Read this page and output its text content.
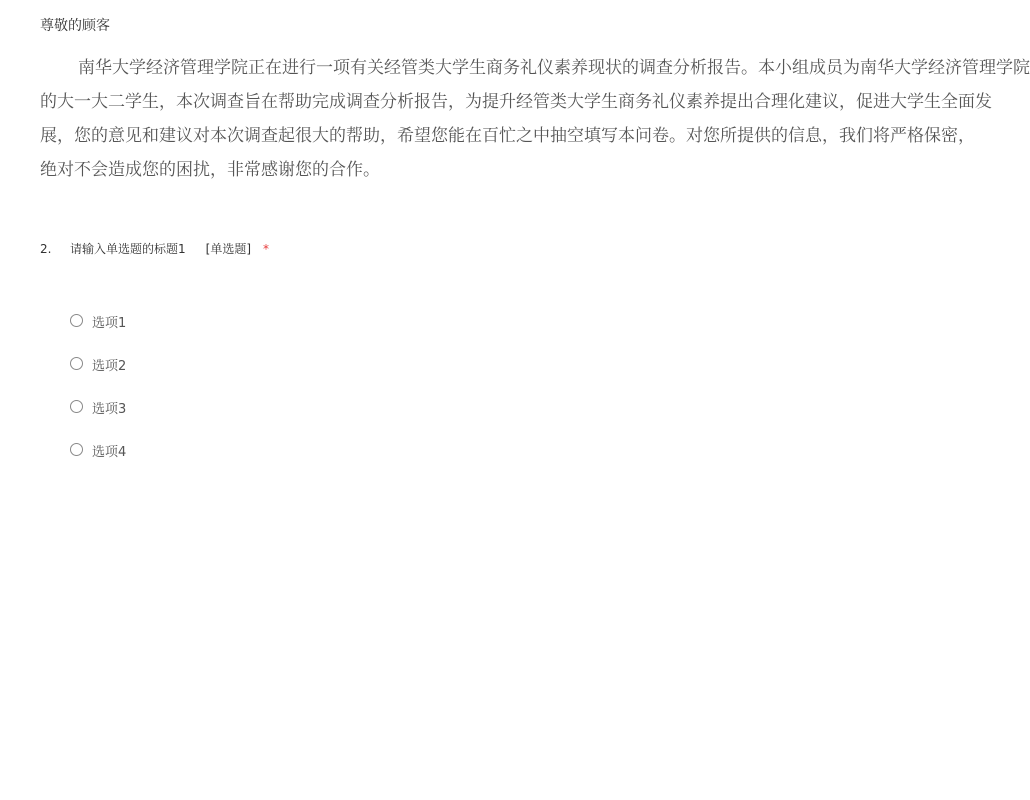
尊敬的顾客
南华大学经济管理学院正在进行一项有关经管类大学生商务礼仪素养现状的调查分析报告。本小组成员为南华大学经济管理学院
的大一大二学生，本次调查旨在帮助完成调查分析报告，为提升经管类大学生商务礼仪素养提出合理化建议，促进大学生全面发
展，您的意见和建议对本次调查起很大的帮助，希望您能在百忙之中抽空填写本问卷。对您所提供的信息，我们将严格保密，
绝对不会造成您的困扰，非常感谢您的合作。
2.	请输入单选题的标题1 [单选题] *
选项1
选项2
选项3
选项4
